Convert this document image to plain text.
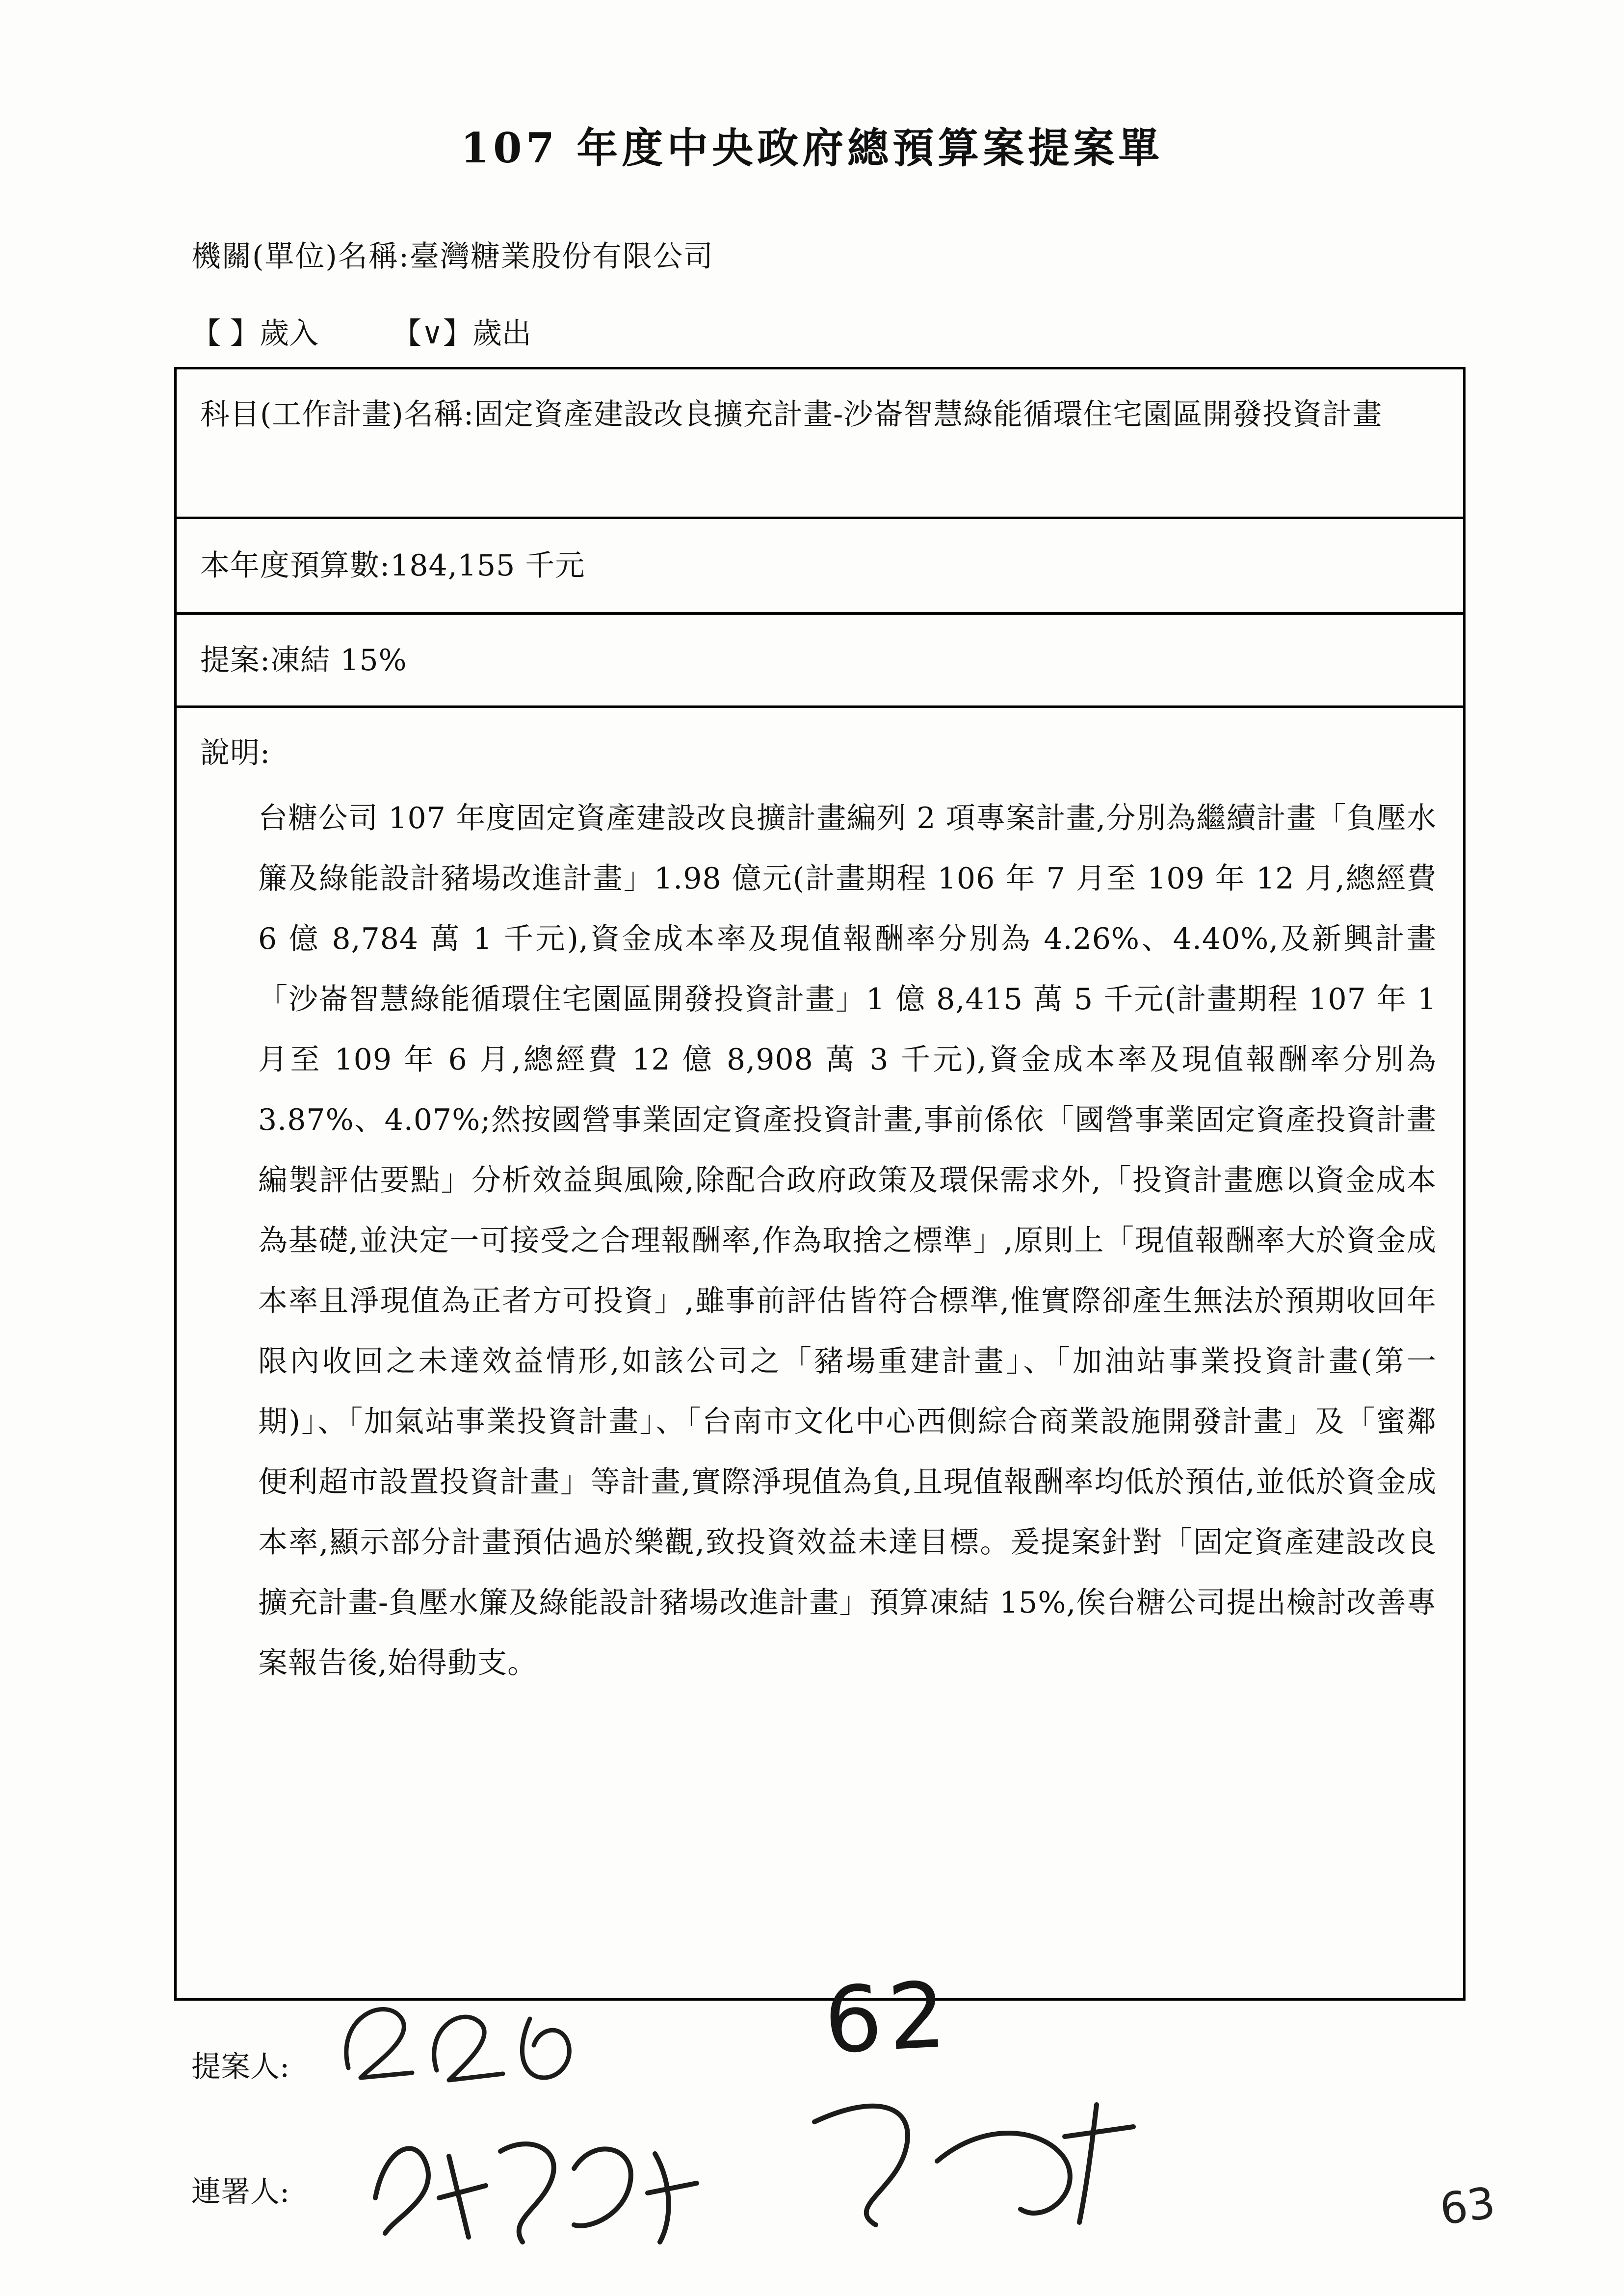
107 年度中央政府總預算案提案單
機關(單位)名稱:臺灣糖業股份有限公司
【 】歲入	【∨】歲出
科目(工作計畫)名稱:固定資產建設改良擴充計畫-沙崙智慧綠能循環住宅園區開發投資計畫
本年度預算數:184,155 千元
提案:凍結 15%
說明:
台糖公司 107 年度固定資產建設改良擴計畫編列 2 項專案計畫,分別為繼續計畫「負壓水簾及綠能設計豬場改進計畫」1.98 億元(計畫期程 106 年 7 月至 109 年 12 月,總經費 6 億 8,784 萬 1 千元),資金成本率及現值報酬率分別為 4.26%、4.40%,及新興計畫「沙崙智慧綠能循環住宅園區開發投資計畫」1 億 8,415 萬 5 千元(計畫期程 107 年 1 月至 109 年 6 月,總經費 12 億 8,908 萬 3 千元),資金成本率及現值報酬率分別為 3.87%、4.07%;然按國營事業固定資產投資計畫,事前係依「國營事業固定資產投資計畫編製評估要點」分析效益與風險,除配合政府政策及環保需求外,「投資計畫應以資金成本為基礎,並決定一可接受之合理報酬率,作為取捨之標準」,原則上「現值報酬率大於資金成本率且淨現值為正者方可投資」,雖事前評估皆符合標準,惟實際卻產生無法於預期收回年限內收回之未達效益情形,如該公司之「豬場重建計畫」、「加油站事業投資計畫(第一期)」、「加氣站事業投資計畫」、「台南市文化中心西側綜合商業設施開發計畫」及「蜜鄰便利超市設置投資計畫」等計畫,實際淨現值為負,且現值報酬率均低於預估,並低於資金成本率,顯示部分計畫預估過於樂觀,致投資效益未達目標。爰提案針對「固定資產建設改良擴充計畫-負壓水簾及綠能設計豬場改進計畫」預算凍結 15%,俟台糖公司提出檢討改善專案報告後,始得動支。
提案人:
連署人:
62
63
